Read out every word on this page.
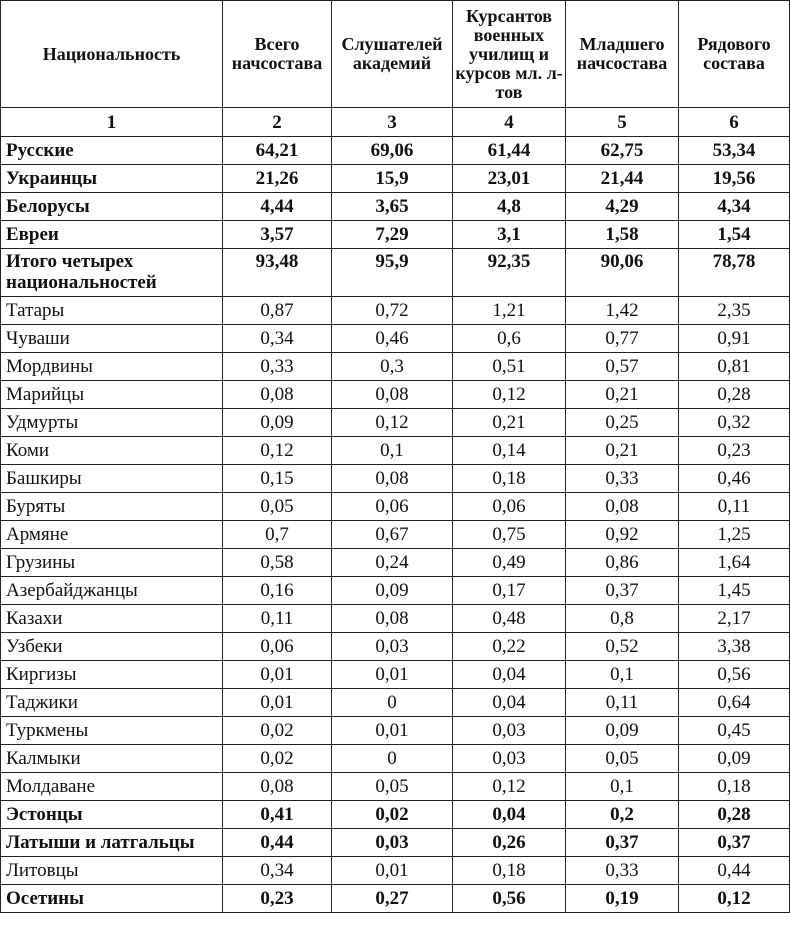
Национальность	Всего начсостава	Слушателей академий	Курсантов военных училищ и курсов мл. л-тов	Младшего начсостава	Рядового состава
1	2	3	4	5	6
Русские	64,21	69,06	61,44	62,75	53,34
Украинцы	21,26	15,9	23,01	21,44	19,56
Белорусы	4,44	3,65	4,8	4,29	4,34
Евреи	3,57	7,29	3,1	1,58	1,54
Итого четырех национальностей	93,48	95,9	92,35	90,06	78,78
Татары	0,87	0,72	1,21	1,42	2,35
Чуваши	0,34	0,46	0,6	0,77	0,91
Мордвины	0,33	0,3	0,51	0,57	0,81
Марийцы	0,08	0,08	0,12	0,21	0,28
Удмурты	0,09	0,12	0,21	0,25	0,32
Коми	0,12	0,1	0,14	0,21	0,23
Башкиры	0,15	0,08	0,18	0,33	0,46
Буряты	0,05	0,06	0,06	0,08	0,11
Армяне	0,7	0,67	0,75	0,92	1,25
Грузины	0,58	0,24	0,49	0,86	1,64
Азербайджанцы	0,16	0,09	0,17	0,37	1,45
Казахи	0,11	0,08	0,48	0,8	2,17
Узбеки	0,06	0,03	0,22	0,52	3,38
Киргизы	0,01	0,01	0,04	0,1	0,56
Таджики	0,01	0	0,04	0,11	0,64
Туркмены	0,02	0,01	0,03	0,09	0,45
Калмыки	0,02	0	0,03	0,05	0,09
Молдаване	0,08	0,05	0,12	0,1	0,18
Эстонцы	0,41	0,02	0,04	0,2	0,28
Латыши и латгальцы	0,44	0,03	0,26	0,37	0,37
Литовцы	0,34	0,01	0,18	0,33	0,44
Осетины	0,23	0,27	0,56	0,19	0,12
